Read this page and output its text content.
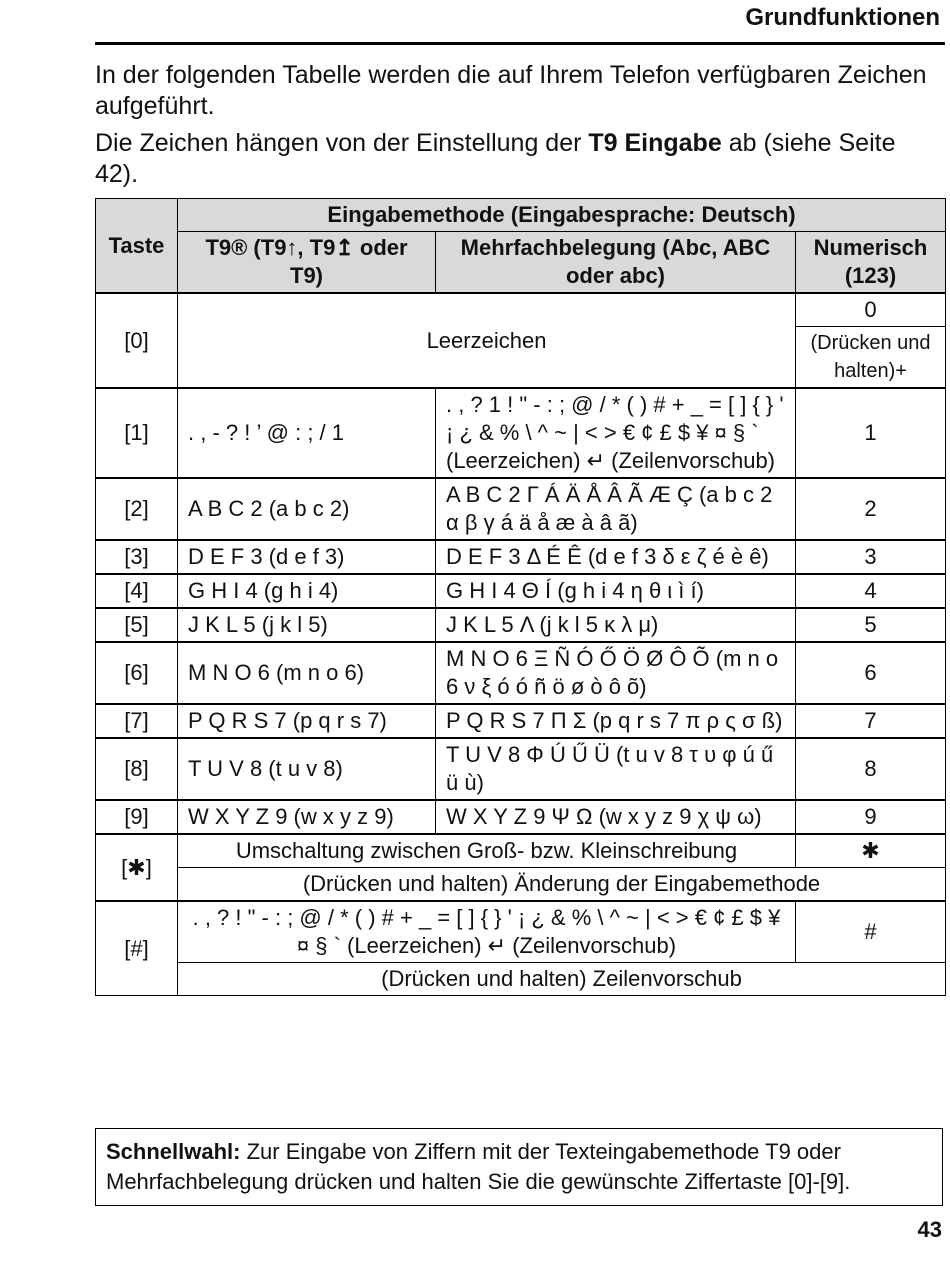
Grundfunktionen

In der folgenden Tabelle werden die auf Ihrem Telefon verfügbaren Zeichen aufgeführt.

Die Zeichen hängen von der Einstellung der T9 Eingabe ab (siehe Seite 42).

Taste	Eingabemethode (Eingabesprache: Deutsch)		
	T9® (T9↑, T9↥ oder T9)	Mehrfachbelegung (Abc, ABC oder abc)	Numerisch (123)
[0]	Leerzeichen		0
			(Drücken und halten)+
[1]	. , - ? ! ’ @ : ; / 1	. , ? 1 ! " - : ; @ / * ( ) # + _ = [ ] { } ' ¡ ¿ & % \ ^ ~ | < > € ¢ £ $ ¥ ¤ § ` (Leerzeichen) ↵ (Zeilenvorschub)	1
[2]	A B C 2 (a b c 2)	A B C 2 Γ Á Ä Å Â Ã Æ Ç (a b c 2 α β γ á ä å æ à â ã)	2
[3]	D E F 3 (d e f 3)	D E F 3 Δ É Ê (d e f 3 δ ε ζ é è ê)	3
[4]	G H I 4 (g h i 4)	G H I 4 Θ Í (g h i 4 η θ ι ì í)	4
[5]	J K L 5 (j k l 5)	J K L 5 Λ (j k l 5 κ λ μ)	5
[6]	M N O 6 (m n o 6)	M N O 6 Ξ Ñ Ó Ő Ö Ø Ô Õ (m n o 6 ν ξ ó ó ñ ö ø ò ô õ)	6
[7]	P Q R S 7 (p q r s 7)	P Q R S 7 Π Σ (p q r s 7 π ρ ς σ ß)	7
[8]	T U V 8 (t u v 8)	T U V 8 Φ Ú Ű Ü (t u v 8 τ υ φ ú ű ü ù)	8
[9]	W X Y Z 9 (w x y z 9)	W X Y Z 9 Ψ Ω (w x y z 9 χ ψ ω)	9
[✱]	Umschaltung zwischen Groß- bzw. Kleinschreibung		✱
	(Drücken und halten) Änderung der Eingabemethode		
[#]	. , ? ! " - : ; @ / * ( ) # + _ = [ ] { } ' ¡ ¿ & % \ ^ ~ | < > € ¢ £ $ ¥ ¤ § ` (Leerzeichen) ↵ (Zeilenvorschub)		#
	(Drücken und halten) Zeilenvorschub		
Schnellwahl: Zur Eingabe von Ziffern mit der Texteingabemethode T9 oder Mehrfachbelegung drücken und halten Sie die gewünschte Ziffertaste [0]-[9].
43
